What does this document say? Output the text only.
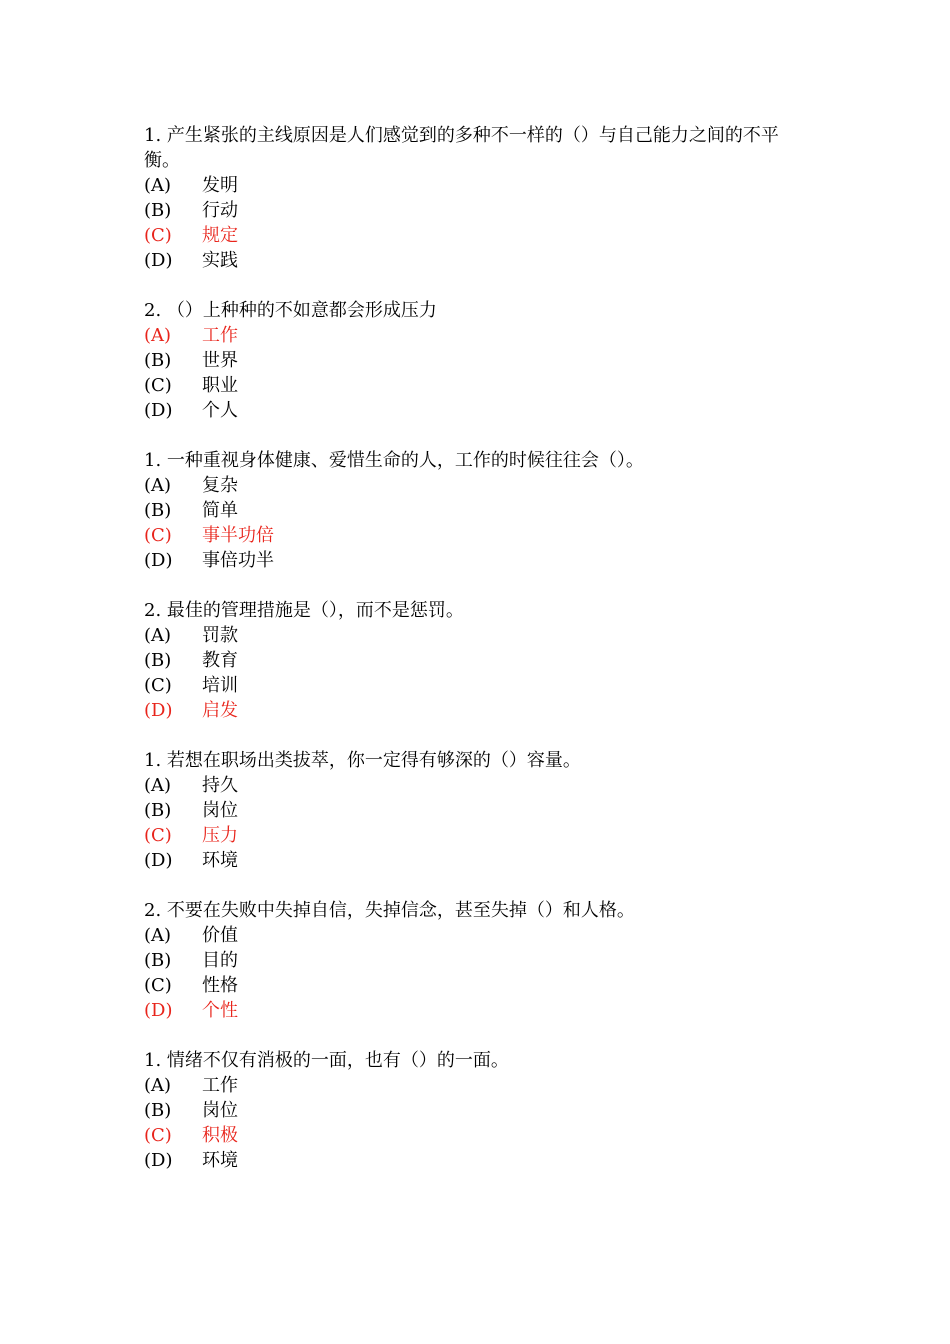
1. 产生紧张的主线原因是人们感觉到的多种不一样的（）与自己能力之间的不平衡。

(A)	发明
(B)	行动
(C)	规定
(D)	实践

2. （）上种种的不如意都会形成压力

(A)	工作
(B)	世界
(C)	职业
(D)	个人

1. 一种重视身体健康、爱惜生命的人，工作的时候往往会（）。

(A)	复杂
(B)	简单
(C)	事半功倍
(D)	事倍功半

2. 最佳的管理措施是（），而不是惩罚。

(A)	罚款
(B)	教育
(C)	培训
(D)	启发

1. 若想在职场出类拔萃，你一定得有够深的（）容量。

(A)	持久
(B)	岗位
(C)	压力
(D)	环境

2. 不要在失败中失掉自信，失掉信念，甚至失掉（）和人格。

(A)	价值
(B)	目的
(C)	性格
(D)	个性

1. 情绪不仅有消极的一面，也有（）的一面。

(A)	工作
(B)	岗位
(C)	积极
(D)	环境
